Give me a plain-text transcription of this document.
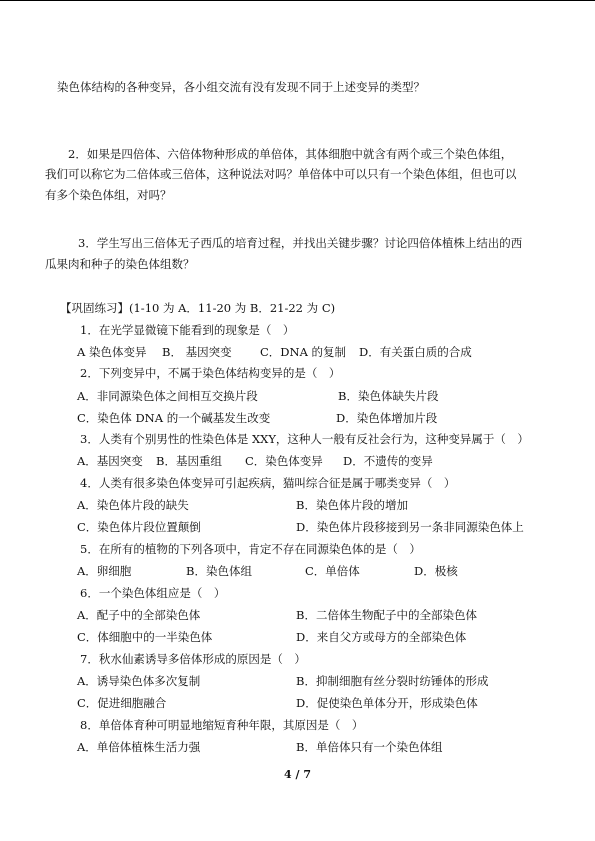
染色体结构的各种变异，各小组交流有没有发现不同于上述变异的类型？
2．如果是四倍体、六倍体物种形成的单倍体，其体细胞中就含有两个或三个染色体组，
我们可以称它为二倍体或三倍体，这种说法对吗？单倍体中可以只有一个染色体组，但也可以
有多个染色体组，对吗？
3．学生写出三倍体无子西瓜的培育过程，并找出关键步骤？讨论四倍体植株上结出的西
瓜果肉和种子的染色体组数？
【巩固练习】(1-10 为 A．11-20 为 B．21-22 为 C)
1．在光学显微镜下能看到的现象是（　）
A 染色体变异 B． 基因突变 C．DNA 的复制 D．有关蛋白质的合成
2．下列变异中，不属于染色体结构变异的是（　）
A．非同源染色体之间相互交换片段	B．染色体缺失片段
C．染色体 DNA 的一个碱基发生改变	D．染色体增加片段
3．人类有个别男性的性染色体是 XXY，这种人一般有反社会行为，这种变异属于（　）
A．基因突变 B．基因重组 C．染色体变异 D．不遗传的变异
4．人类有很多染色体变异可引起疾病，猫叫综合征是属于哪类变异（　）
A．染色体片段的缺失	B．染色体片段的增加
C．染色体片段位置颠倒	D．染色体片段移接到另一条非同源染色体上
5．在所有的植物的下列各项中，肯定不存在同源染色体的是（　）
A．卵细胞	B．染色体组	C．单倍体	D．极核
6．一个染色体组应是（　）
A．配子中的全部染色体	B．二倍体生物配子中的全部染色体
C．体细胞中的一半染色体	D．来自父方或母方的全部染色体
7．秋水仙素诱导多倍体形成的原因是（　）
A．诱导染色体多次复制	B．抑制细胞有丝分裂时纺锤体的形成
C．促进细胞融合	D．促使染色单体分开，形成染色体
8．单倍体育种可明显地缩短育种年限，其原因是（　）
A．单倍体植株生活力强	B．单倍体只有一个染色体组
4 / 7
